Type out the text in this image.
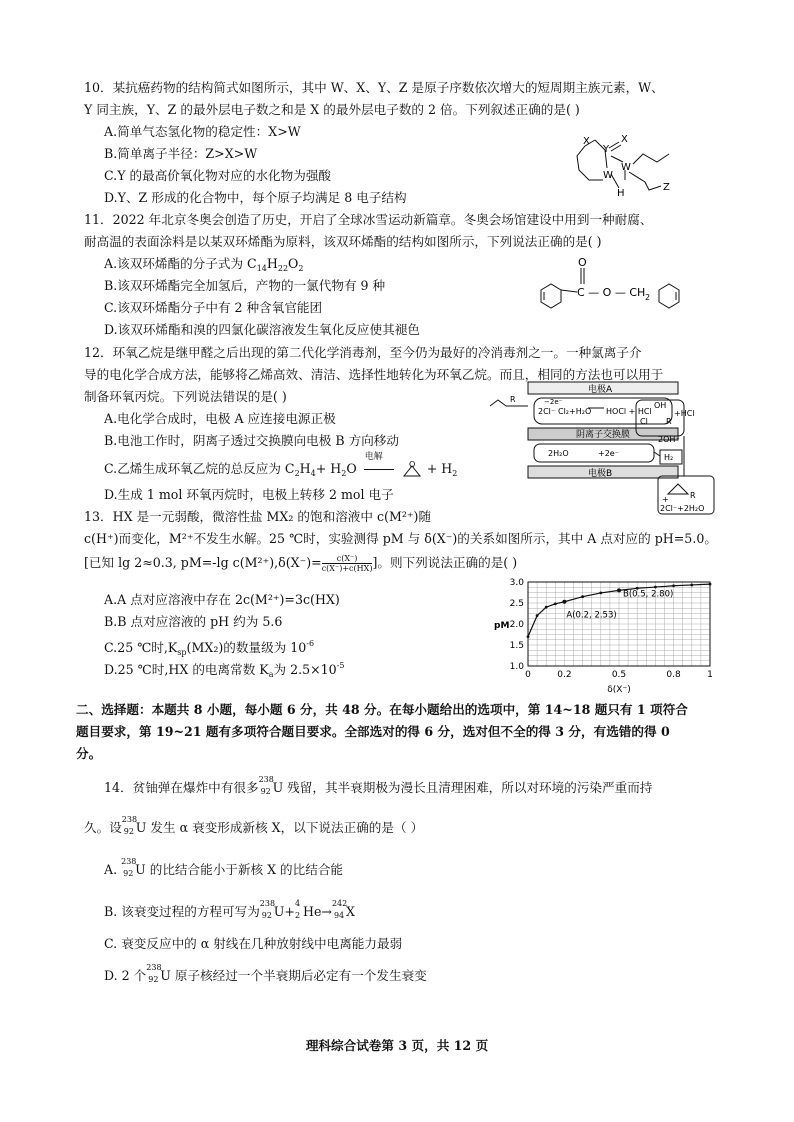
10．某抗癌药物的结构简式如图所示，其中 W、X、Y、Z 是原子序数依次增大的短周期主族元素，W、
Y 同主族，Y、Z 的最外层电子数之和是 X 的最外层电子数的 2 倍。下列叙述正确的是( )
A.简单气态氢化物的稳定性：X>W
B.简单离子半径：Z>X>W
C.Y 的最高价氧化物对应的水化物为强酸
D.Y、Z 形成的化合物中，每个原子均满足 8 电子结构
X
Y
X
W
W
H
Z
11．2022 年北京冬奥会创造了历史，开启了全球冰雪运动新篇章。冬奥会场馆建设中用到一种耐腐、
耐高温的表面涂料是以某双环烯酯为原料，该双环烯酯的结构如图所示，下列说法正确的是( )
A.该双环烯酯的分子式为 $C_{14}H_{22}O_2$
B.该双环烯酯完全加氢后，产物的一氯代物有 9 种
C.该双环烯酯分子中有 2 种含氧官能团
D.该双环烯酯和溴的四氯化碳溶液发生氧化反应使其褪色
O
C — O — CH 2
12．环氧乙烷是继甲醛之后出现的第二代化学消毒剂，至今仍为最好的冷消毒剂之一。一种氯离子介
导的电化学合成方法，能够将乙烯高效、清洁、选择性地转化为环氧乙烷。而且，相同的方法也可以用于
制备环氧丙烷。下列说法错误的是( )
A.电化学合成时，电极 A 应连接电源正极
B.电池工作时，阴离子透过交换膜向电极 B 方向移动
C.乙烯生成环氧乙烷的总反应为 $C_2H_4+ H_2O$
电解

$O + H_2$
D.生成 1 mol 环氧丙烷时，电极上转移 2 mol 电子
电极A
阴离子交换膜
电极B
R
2Cl⁻
−2e⁻
Cl₂+H₂O HOCl + HCl
OH
Cl R
+HCl
2OH⁻
2H₂O	+2e⁻	H₂
R
+
2Cl⁻+2H₂O
13．HX 是一元弱酸，微溶性盐 MX₂ 的饱和溶液中 c(M²⁺)随
c(H⁺)而变化，M²⁺不发生水解。25 ℃时，实验测得 pM 与 δ(X⁻)的关系如图所示，其中 A 点对应的 pH=5.0。
[已知 lg 2≈0.3, pM=-lg $c(M^{2+}),\delta(X^-)= \frac{c(X^-)}{c(X^-)+c(HX)}$ ]。则下列说法正确的是( )
A.A 点对应溶液中存在 2c(M²⁺)=3c(HX)
B.B 点对应溶液的 pH 约为 5.6
C.25 ℃时$,K_{sp}(MX_2)$的数量级为 $10^{-6}$
D.25 ℃时,HX 的电离常数 $K_a$为 $2.5\times 10^{-5}$
0	0.2	0.5	0.8	1
1.0
1.5
2.0
2.5
3.0
δ(X⁻)
pM
A(0.2, 2.53)
B(0.5, 2.80)
二、选择题：本题共 8 小题，每小题 6 分，共 48 分。在每小题给出的选项中，第 14~18 题只有 1 项符合
题目要求，第 19~21 题有多项符合题目要求。全部选对的得 6 分，选对但不全的得 3 分，有选错的得 0
分。
14．贫铀弹在爆炸中有很多
238
92 U 残留，其半衰期极为漫长且清理困难，所以对环境的污染严重而持
久。设
238
92 U 发生 α 衰变形成新核 X，以下说法正确的是（ ）
A.
238
92 U 的比结合能小于新核 X 的比结合能
B. 该衰变过程的方程可写为
238
92 U+
4
2 He→
242
94 X
C. 衰变反应中的 α 射线在几种放射线中电离能力最弱
D. 2 个
238
92 U 原子核经过一个半衰期后必定有一个发生衰变
理科综合试卷第 3 页，共 12 页
